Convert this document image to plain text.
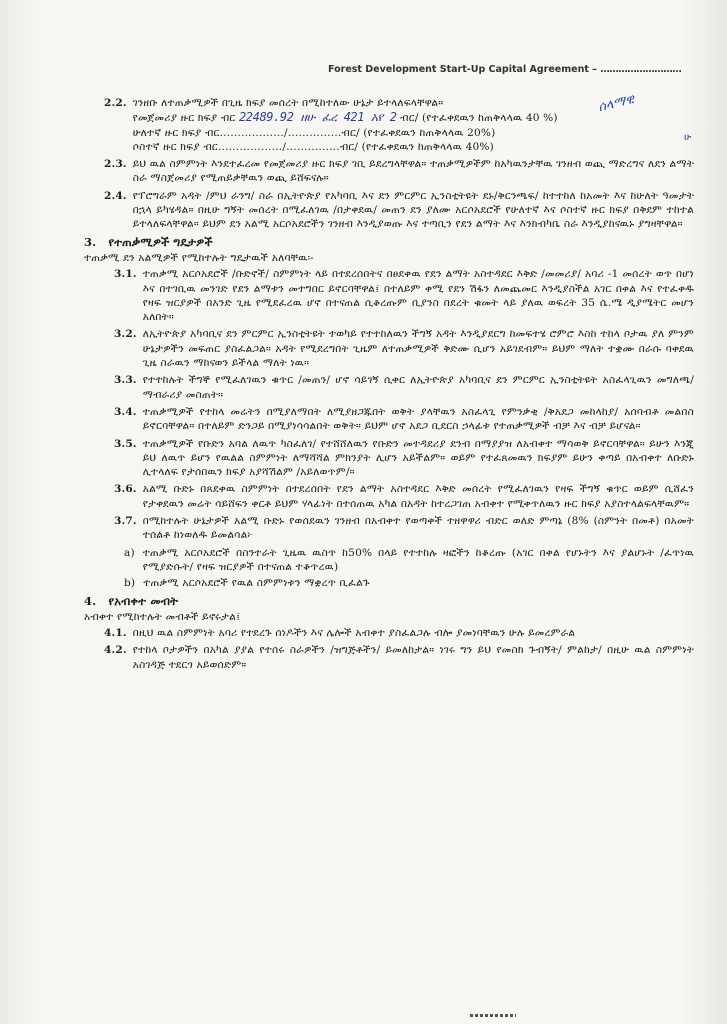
Forest Development Start-Up Capital Agreement – ………………………
ሰላማዊ
ሁ
2.2. ገንዘቡ ለተጠቃሚዎች በጊዜ ክፍያ መሰረት በሚከተለው ሁኔታ ይተላለፍላቸዋል።
የመጀመሪያ ዙር ክፍያ ብር 22489.92 ዘሁ ፈረ 421 አየ 2 ብር/ (የተፈቀደዉን ከጠቅላላዉ 40 %)
ሁለተኛ ዙር ክፍያ ብር………………/……………ብር/ (የተፈቀደዉን ከጠቅላላዉ 20%)
ሶስተኛ ዙር ክፍያ ብር………………/……………ብር/ (የተፈቀደዉን ከጠቅላላዉ 40%)
2.3. ይህ ዉል ስምምነት እንደተፈረመ የመጀመሪያ ዙር ክፍያ ገቢ ይደረግላቸዋል። ተጠቃሚዎችም ከአካዉንታቸዉ ገንዘብ ወጪ ማድረግና ለደን ልማት ስራ ማስጀመሪያ የሚጠይቃቸዉን ወጪ ይሸፍናሉ።
2.4. የፕሮግራም አዳት /ምህ ራንግ/ ስራ በኢትዮጵያ የአካባቢ እና ደን ምርምር ኢንስቲትዩት ደኑ/ቅርንጫፍ/ ከተተከለ ከአመት እና ከሁለት ዓመታት በኋላ ይካሄዳል። በዚሁ ግኝት መሰረት በሚፈለገዉ /በታቀደዉ/ መጠን ደን ያለሙ አርሶአደሮች የሁለተኛ እና ሶስተኛ ዙር ክፍያ በቅደም ተከተል ይተላለፍላቸዋል። ይህም ደን አልሚ አርሶአደሮችን ገንዘብ እንዲያወጡ እና ተጣቢን የደን ልማት እና እንክብካቤ ስራ እንዲያከናዉኑ ያግዛቸዋል።
3. የተጠቃሚዎች ግዴታዎች
ተጠቃሚ ደን አልሚዎች የሚከተሉት ግዴታዉች አለባቸዉ፡-
3.1. ተጠቃሚ አርሶአደሮች /ቡድኖች/ ስምምነት ላይ በተደረሰበትና በፀደቀዉ የደን ልማት አስተዳደር እቅድ /መመሪያ/ አባሪ -1 መሰረት ወጥ በሆነ እና በተገቢዉ መንገድ የደን ልማቱን መተግበር ይኖርባቸዋል፤ በተለይም ቀሚ የደን ሽፋን ለመጨመር እንዲያስችል አገር በቀል እና የተፈቀዱ የዛፍ ዝርያዎች በአንድ ጊዜ የሚደፈረዉ ሆኖ በተናጠል ሲቆረጡም ቢያንስ በደረት ቁመት ላይ ያለዉ ወፍረት 35 ሴ.ሜ ዲያሜትር መሆን አለበት።
3.2. ለኢትዮጵያ አካባቢና ደን ምርምር ኢንስቲትዩት ተወካይ የተተከለዉን ችግኝ አዳት እንዲያደርግ ከመፍተሄ ሮምሮ እስከ ተከላ ቦታዉ ያለ ምንም ሁኔታዎችን መፍጠር ያስፈልጋል። አዳት የሚደረግበት ጊዜም ለተጠቃሚዎች ቅድሙ ሲሆን አይገደብም። ይህም ማለት ተቋሙ በራሱ ባቀደዉ ጊዜ ስራዉን ማከናወን ይችላል ማለት ነዉ።
3.3. የተተከሉት ችግኞ የሚፈለገዉን ቁጥር /መጠን/ ሆኖ ሳይገኝ ሲቀር ለኢትዮጵያ አካባቢና ደን ምርምር ኢንስቲትዩት አስፈላጊዉን መግለጫ/ማብራሪያ መስጠት።
3.4. ተጠቃሚዎች የተከላ መሬትን በሚያለማበት ለሚያዘጋጁበት ወቅት ያላቸዉን አስፈላጊ የምንቃቂ /ቅአደጋ መከላከያ/ አሰባብቶ መልበስ ይኖርባቸዋል። በተለይም ድንጋይ በሚያነሳሳልበት ወቅት። ይህም ሆኖ አደጋ ቢደርስ ኃላፊቱ የተጠቃሚዎች ብቻ እና ብቻ ይሆናል።
3.5. ተጠቃሚዎች የቡድን አባል ለዉጥ ካስፈለገ/ የተሸሸለዉን የቡድን መተዳደሪያ ደንብ በማያያዝ ለአብቀተ ማሳወቅ ይኖርባቸዋል። ይሁን እንጂ ይህ ለዉጥ ይሆን የዉልል ስምምነት ለማሻሻል ምክንያት ሊሆን አይችልም። ወይም የተፈጸመዉን ክፍያም ይሁን ቀጣይ በአብቀተ ለቡድኑ ሊተላለፍ የታሰበዉን ክፍያ አያሻሽልም /አይለወጥም/።
3.6. አልሚ ቡድኑ በጸደቀዉ ስምምነት በተደረሰበት የደን ልማት አስተዳደር እቅድ መሰረት የሚፈለገዉን የዛፍ ችግኝ ቁጥር ወይም ሲሸፈን የታቀደዉን መሬት ሳይሸፍን ቀርቶ ይህም ሃላፊነት በተሰጠዉ አካል በአዳት ከተረጋገጠ አብቀተ የሚቀጥለዉን ዙር ክፍያ አያስተላልፍላቸዉም።
3.7. በሚከተሉት ሁኔታዎች አልሚ ቡድኑ የወሰደዉን ገንዘብ በአብቀተ የወጣቀች ተዘዋዋሪ ብድር ወለድ ምጣኔ (8% (ስምንት በመቶ) በአመት ተሰልቶ ከነወለዱ ይመልሳል፦
a) ተጠቃሚ አርሶአደሮች በስንተራት ጊዜዉ ዉስጥ ከ50% በላይ የተተከሉ ዛፎችን ከቆረጡ (አገር በቀል የሆኑትን እና ያልሆኑት /ፈጥነዉ የሚያድሱት/ የዛፍ ዝርያዎች በተናጠል ተቆጥረዉ)
b) ተጠቃሚ አርሶአደሮች የዉል ስምምነቱን ማቋረጥ ቢፈልጉ
4. የአብቀተ መብት
አብቀተ የሚከተሉት መብቶች ይኖሩታል፤
4.1. በዚህ ዉል ስምምነት አባሪ የተደረጉ ሰነዶችን እና ሌሎች አብቀተ ያስፈልጋሉ ብሎ ያመነባቸዉን ሁሉ ይመረምራል
4.2. የተከላ ቦታዎችን በአካል ያያል የተሰሩ ስራዎችን /ዝግጅቶችን/ ይመለከታል። ነገሩ ግን ይህ የመስክ ጉብኝት/ ምልከታ/ በዚሁ ዉል ስምምነት አስገዳጅ ተደርጎ አይወሰድም።
